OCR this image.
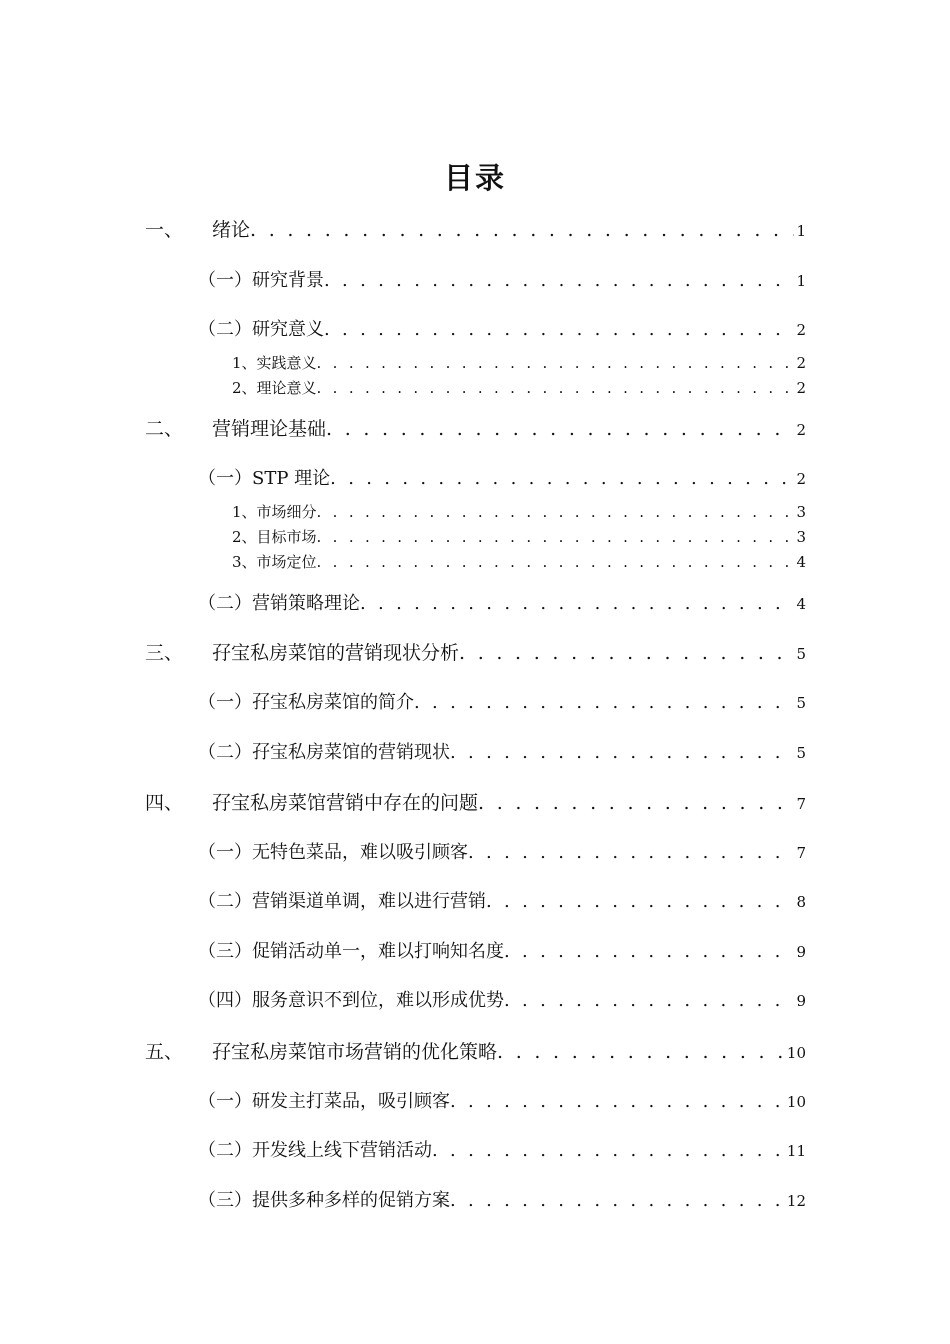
目录
一、	绪论 . . .	1
（一）研究背景 . . .	1
（二）研究意义 . . .	2
1、实践意义 . . .	2
2、理论意义 . . .	2
二、	营销理论基础 . . .	2
（一）STP 理论 . . .	2
1、市场细分 . . .	3
2、目标市场 . . .	3
3、市场定位 . . .	4
（二）营销策略理论 . . .	4
三、	孖宝私房菜馆的营销现状分析 . . .	5
（一）孖宝私房菜馆的简介 . . .	5
（二）孖宝私房菜馆的营销现状 . . .	5
四、	孖宝私房菜馆营销中存在的问题 . . .	7
（一）无特色菜品，难以吸引顾客 . . .	7
（二）营销渠道单调，难以进行营销 . . .	8
（三）促销活动单一，难以打响知名度 . . .	9
（四）服务意识不到位，难以形成优势 . . .	9
五、	孖宝私房菜馆市场营销的优化策略 . . .	10
（一）研发主打菜品，吸引顾客 . . .	10
（二）开发线上线下营销活动 . . .	11
（三）提供多种多样的促销方案 . . .	12
